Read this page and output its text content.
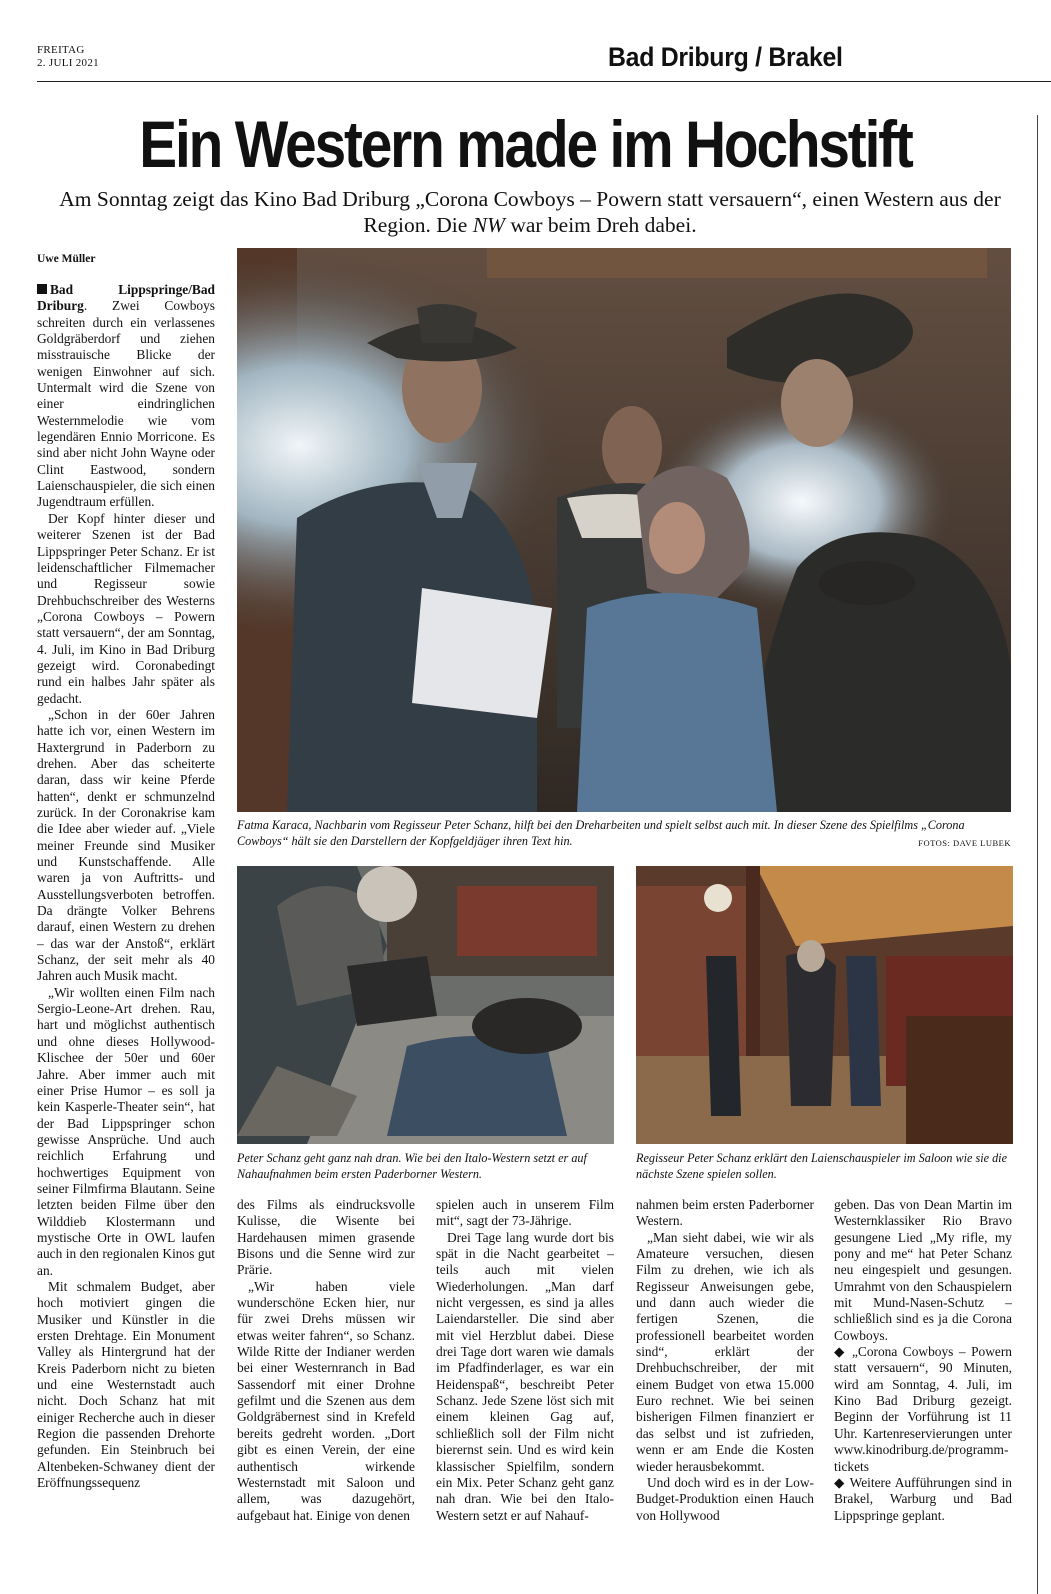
FREITAG
2. JULI 2021	Bad Driburg / Brakel
Ein Western made im Hochstift
Am Sonntag zeigt das Kino Bad Driburg „Corona Cowboys – Powern statt versauern“, einen Western aus der Region. Die NW war beim Dreh dabei.
Uwe Müller

Bad Lippspringe/Bad Driburg. Zwei Cowboys schreiten durch ein verlassenes Goldgräberdorf und ziehen misstrauische Blicke der wenigen Einwohner auf sich. Untermalt wird die Szene von einer eindringlichen Westernmelodie wie vom legendären Ennio Morricone. Es sind aber nicht John Wayne oder Clint Eastwood, sondern Laienschauspieler, die sich einen Jugendtraum erfüllen.

Der Kopf hinter dieser und weiterer Szenen ist der Bad Lippspringer Peter Schanz. Er ist leidenschaftlicher Filmemacher und Regisseur sowie Drehbuchschreiber des Westerns „Corona Cowboys – Powern statt versauern“, der am Sonntag, 4. Juli, im Kino in Bad Driburg gezeigt wird. Coronabedingt rund ein halbes Jahr später als gedacht.

„Schon in der 60er Jahren hatte ich vor, einen Western im Haxtergrund in Paderborn zu drehen. Aber das scheiterte daran, dass wir keine Pferde hatten“, denkt er schmunzelnd zurück. In der Coronakrise kam die Idee aber wieder auf. „Viele meiner Freunde sind Musiker und Kunstschaffende. Alle waren ja von Auftritts- und Ausstellungsverboten betroffen. Da drängte Volker Behrens darauf, einen Western zu drehen – das war der Anstoß“, erklärt Schanz, der seit mehr als 40 Jahren auch Musik macht.

„Wir wollten einen Film nach Sergio-Leone-Art drehen. Rau, hart und möglichst authentisch und ohne dieses Hollywood-Klischee der 50er und 60er Jahre. Aber immer auch mit einer Prise Humor – es soll ja kein Kasperle-Theater sein“, hat der Bad Lippspringer schon gewisse Ansprüche. Und auch reichlich Erfahrung und hochwertiges Equipment von seiner Filmfirma Blautann. Seine letzten beiden Filme über den Wilddieb Klostermann und mystische Orte in OWL laufen auch in den regionalen Kinos gut an.

Mit schmalem Budget, aber hoch motiviert gingen die Musiker und Künstler in die ersten Drehtage. Ein Monument Valley als Hintergrund hat der Kreis Paderborn nicht zu bieten und eine Westernstadt auch nicht. Doch Schanz hat mit einiger Recherche auch in dieser Region die passenden Drehorte gefunden. Ein Steinbruch bei Altenbeken-Schwaney dient der Eröffnungssequenz

Fatma Karaca, Nachbarin vom Regisseur Peter Schanz, hilft bei den Dreharbeiten und spielt selbst auch mit. In dieser Szene des Spielfilms „Corona Cowboys“ hält sie den Darstellern der Kopfgeldjäger ihren Text hin.	FOTOS: DAVE LUBEK
Peter Schanz geht ganz nah dran. Wie bei den Italo-Western setzt er auf Nahaufnahmen beim ersten Paderborner Western.
Regisseur Peter Schanz erklärt den Laienschauspieler im Saloon wie sie die nächste Szene spielen sollen.

des Films als eindrucksvolle Kulisse, die Wisente bei Hardehausen mimen grasende Bisons und die Senne wird zur Prärie.

„Wir haben viele wunderschöne Ecken hier, nur für zwei Drehs müssen wir etwas weiter fahren“, so Schanz. Wilde Ritte der Indianer werden bei einer Westernranch in Bad Sassendorf mit einer Drohne gefilmt und die Szenen aus dem Goldgräbernest sind in Krefeld bereits gedreht worden. „Dort gibt es einen Verein, der eine authentisch wirkende Westernstadt mit Saloon und allem, was dazugehört, aufgebaut hat. Einige von denen

spielen auch in unserem Film mit“, sagt der 73-Jährige.

Drei Tage lang wurde dort bis spät in die Nacht gearbeitet – teils auch mit vielen Wiederholungen. „Man darf nicht vergessen, es sind ja alles Laiendarsteller. Die sind aber mit viel Herzblut dabei. Diese drei Tage dort waren wie damals im Pfadfinderlager, es war ein Heidenspaß“, beschreibt Peter Schanz. Jede Szene löst sich mit einem kleinen Gag auf, schließlich soll der Film nicht bierernst sein. Und es wird kein klassischer Spielfilm, sondern ein Mix. Peter Schanz geht ganz nah dran. Wie bei den Italo-Western setzt er auf Nahauf-

nahmen beim ersten Paderborner Western.

„Man sieht dabei, wie wir als Amateure versuchen, diesen Film zu drehen, wie ich als Regisseur Anweisungen gebe, und dann auch wieder die fertigen Szenen, die professionell bearbeitet worden sind“, erklärt der Drehbuchschreiber, der mit einem Budget von etwa 15.000 Euro rechnet. Wie bei seinen bisherigen Filmen finanziert er das selbst und ist zufrieden, wenn er am Ende die Kosten wieder herausbekommt.

Und doch wird es in der Low-Budget-Produktion einen Hauch von Hollywood

geben. Das von Dean Martin im Westernklassiker Rio Bravo gesungene Lied „My rifle, my pony and me“ hat Peter Schanz neu eingespielt und gesungen. Umrahmt von den Schauspielern mit Mund-Nasen-Schutz – schließlich sind es ja die Corona Cowboys.

◆ „Corona Cowboys – Powern statt versauern“, 90 Minuten, wird am Sonntag, 4. Juli, im Kino Bad Driburg gezeigt. Beginn der Vorführung ist 11 Uhr. Kartenreservierungen unter www.kinodriburg.de/programm-tickets

◆ Weitere Aufführungen sind in Brakel, Warburg und Bad Lippspringe geplant.
